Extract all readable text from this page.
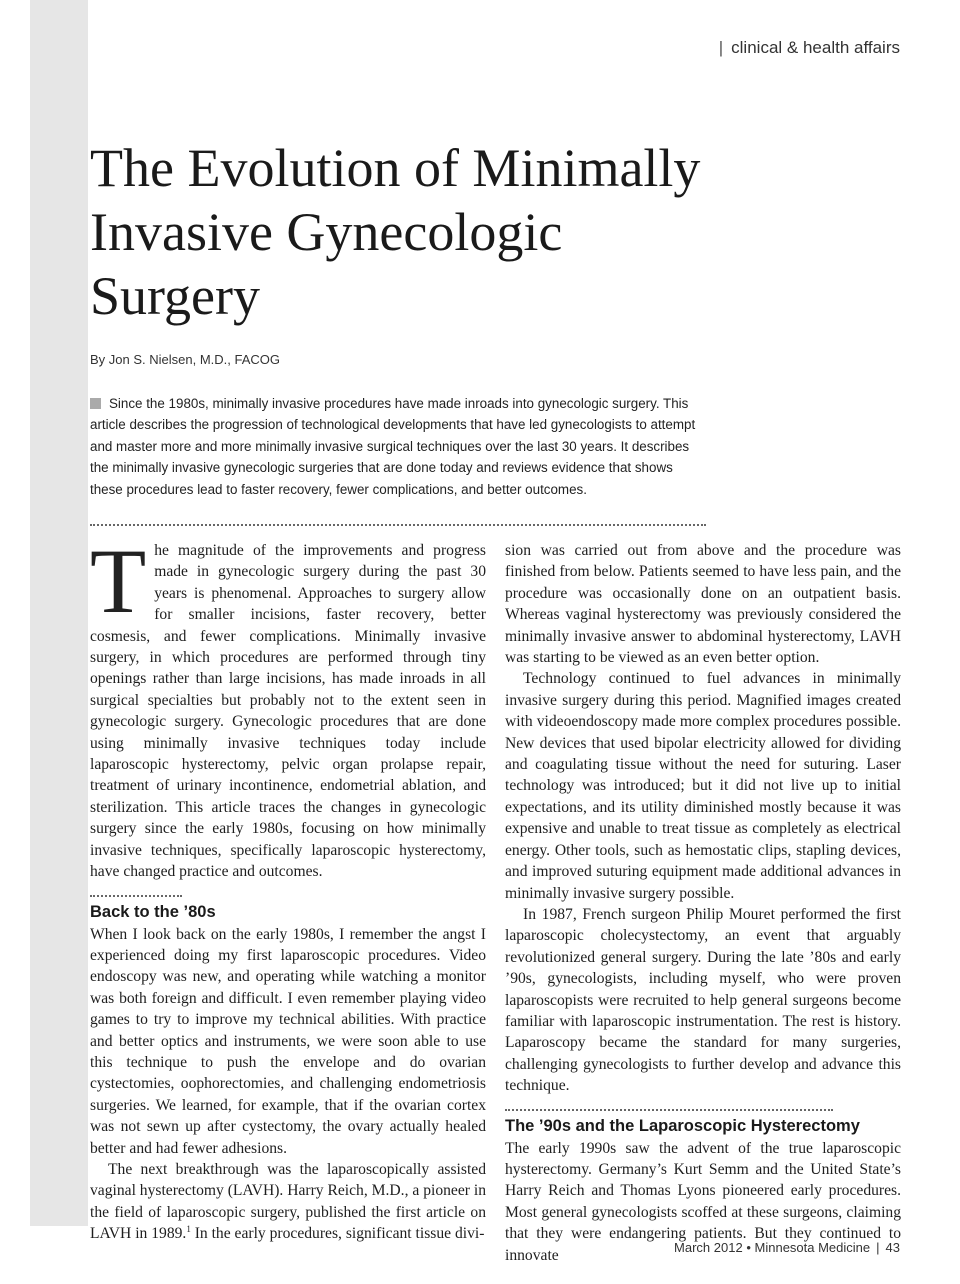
| clinical & health affairs
The Evolution of Minimally Invasive Gynecologic Surgery
By Jon S. Nielsen, M.D., FACOG
Since the 1980s, minimally invasive procedures have made inroads into gynecologic surgery. This article describes the progression of technological developments that have led gynecologists to attempt and master more and more minimally invasive surgical techniques over the last 30 years. It describes the minimally invasive gynecologic surgeries that are done today and reviews evidence that shows these procedures lead to faster recovery, fewer complications, and better outcomes.

The magnitude of the improvements and progress made in gynecologic surgery during the past 30 years is phenomenal. Approaches to surgery allow for smaller incisions, faster recovery, better cosmesis, and fewer complications. Minimally invasive surgery, in which procedures are performed through tiny openings rather than large incisions, has made inroads in all surgical specialties but probably not to the extent seen in gynecologic surgery. Gynecologic procedures that are done using minimally invasive techniques today include laparoscopic hysterectomy, pelvic organ prolapse repair, treatment of urinary incontinence, endometrial ablation, and sterilization. This article traces the changes in gynecologic surgery since the early 1980s, focusing on how minimally invasive techniques, specifically laparoscopic hysterectomy, have changed practice and outcomes.

Back to the ’80s

When I look back on the early 1980s, I remember the angst I experienced doing my first laparoscopic procedures. Video endoscopy was new, and operating while watching a monitor was both foreign and difficult. I even remember playing video games to try to improve my technical abilities. With practice and better optics and instruments, we were soon able to use this technique to push the envelope and do ovarian cystectomies, oophorectomies, and challenging endometriosis surgeries. We learned, for example, that if the ovarian cortex was not sewn up after cystectomy, the ovary actually healed better and had fewer adhesions.

The next breakthrough was the laparoscopically assisted vaginal hysterectomy (LAVH). Harry Reich, M.D., a pioneer in the field of laparoscopic surgery, published the first article on LAVH in 1989.$^1$ In the early procedures, significant tissue divi-

sion was carried out from above and the procedure was finished from below. Patients seemed to have less pain, and the procedure was occasionally done on an outpatient basis. Whereas vaginal hysterectomy was previously considered the minimally invasive answer to abdominal hysterectomy, LAVH was starting to be viewed as an even better option.

Technology continued to fuel advances in minimally invasive surgery during this period. Magnified images created with videoendoscopy made more complex procedures possible. New devices that used bipolar electricity allowed for dividing and coagulating tissue without the need for suturing. Laser technology was introduced; but it did not live up to initial expectations, and its utility diminished mostly because it was expensive and unable to treat tissue as completely as electrical energy. Other tools, such as hemostatic clips, stapling devices, and improved suturing equipment made additional advances in minimally invasive surgery possible.

In 1987, French surgeon Philip Mouret performed the first laparoscopic cholecystectomy, an event that arguably revolutionized general surgery. During the late ’80s and early ’90s, gynecologists, including myself, who were proven laparoscopists were recruited to help general surgeons become familiar with laparoscopic instrumentation. The rest is history. Laparoscopy became the standard for many surgeries, challenging gynecologists to further develop and advance this technique.

The ’90s and the Laparoscopic Hysterectomy

The early 1990s saw the advent of the true laparoscopic hysterectomy. Germany’s Kurt Semm and the United State’s Harry Reich and Thomas Lyons pioneered early procedures. Most general gynecologists scoffed at these surgeons, claiming that they were endangering patients. But they continued to innovate	March 2012 • Minnesota Medicine | 43
